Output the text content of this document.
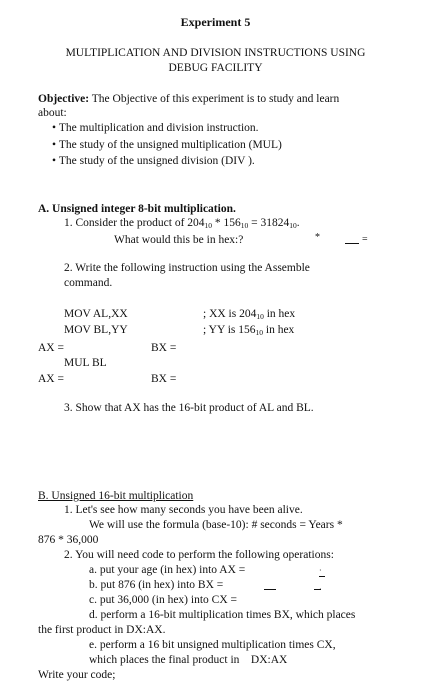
Experiment 5
MULTIPLICATION AND DIVISION INSTRUCTIONS USING
DEBUG FACILITY
Objective: The Objective of this experiment is to study and learn
about:
• The multiplication and division instruction.
• The study of the unsigned multiplication (MUL)
• The study of the unsigned division (DIV ).
A. Unsigned integer 8-bit multiplication.
1. Consider the product of $204_{10} * 156_{10} = 31824_{10}$.
What would this be in hex:?	*	=
2. Write the following instruction using the Assemble
command.
MOV AL,XX	; XX is $204_{10}$ in hex
MOV BL,YY	; YY is $156_{10}$ in hex
AX =	BX =
MUL BL
AX =	BX =
3. Show that AX has the 16-bit product of AL and BL.
B. Unsigned 16-bit multiplication
1. Let's see how many seconds you have been alive.
We will use the formula (base-10): # seconds = Years *
876 * 36,000
2. You will need code to perform the following operations:
a. put your age (in hex) into AX =	·
b. put 876 (in hex) into BX =	·
c. put 36,000 (in hex) into CX =
d. perform a 16-bit multiplication times BX, which places
the first product in DX:AX.
e. perform a 16 bit unsigned multiplication times CX,
which places the final product in DX:AX
Write your code;
